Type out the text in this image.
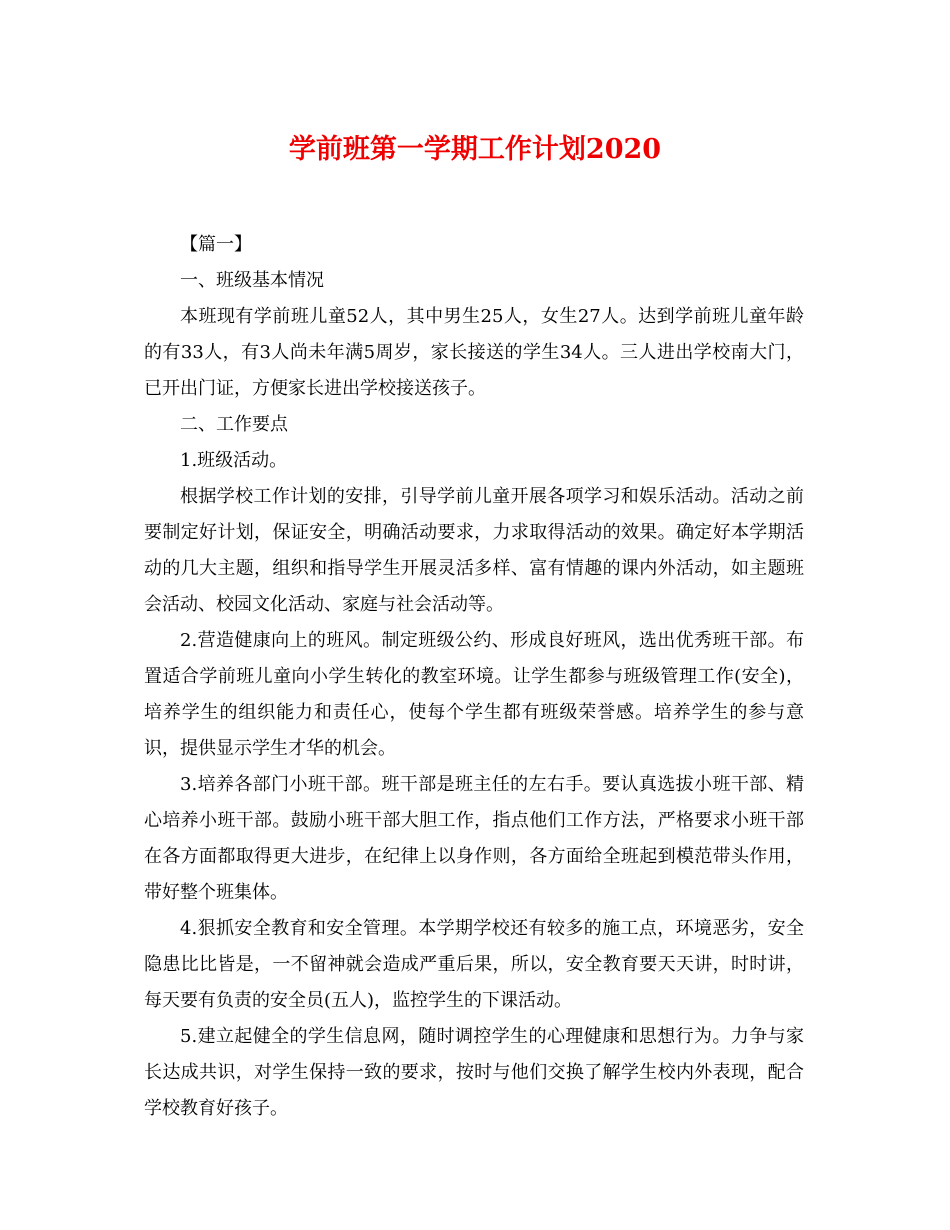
学前班第一学期工作计划2020

【篇一】

一、班级基本情况

本班现有学前班儿童52人，其中男生25人，女生27人。达到学前班儿童年龄的有33人，有3人尚未年满5周岁，家长接送的学生34人。三人进出学校南大门，已开出门证，方便家长进出学校接送孩子。

二、工作要点

1.班级活动。

根据学校工作计划的安排，引导学前儿童开展各项学习和娱乐活动。活动之前要制定好计划，保证安全，明确活动要求，力求取得活动的效果。确定好本学期活动的几大主题，组织和指导学生开展灵活多样、富有情趣的课内外活动，如主题班会活动、校园文化活动、家庭与社会活动等。

2.营造健康向上的班风。制定班级公约、形成良好班风，选出优秀班干部。布置适合学前班儿童向小学生转化的教室环境。让学生都参与班级管理工作(安全)，培养学生的组织能力和责任心，使每个学生都有班级荣誉感。培养学生的参与意识，提供显示学生才华的机会。

3.培养各部门小班干部。班干部是班主任的左右手。要认真选拔小班干部、精心培养小班干部。鼓励小班干部大胆工作，指点他们工作方法，严格要求小班干部在各方面都取得更大进步，在纪律上以身作则，各方面给全班起到模范带头作用，带好整个班集体。

4.狠抓安全教育和安全管理。本学期学校还有较多的施工点，环境恶劣，安全隐患比比皆是，一不留神就会造成严重后果，所以，安全教育要天天讲，时时讲，每天要有负责的安全员(五人)，监控学生的下课活动。

5.建立起健全的学生信息网，随时调控学生的心理健康和思想行为。力争与家长达成共识，对学生保持一致的要求，按时与他们交换了解学生校内外表现，配合学校教育好孩子。
